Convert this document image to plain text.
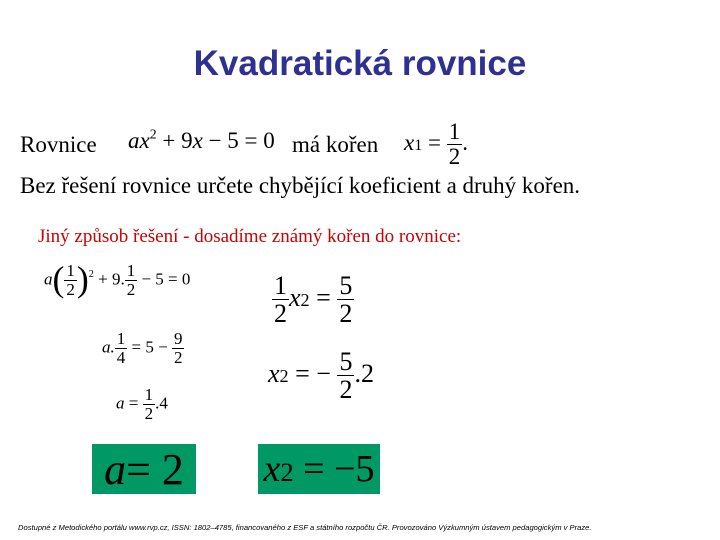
Kvadratická rovnice
Rovnice $ax^2 + 9x - 5 = 0$ má kořen $x1 = \frac{1}{2}$ .
Bez řešení rovnice určete chybějící koeficient a druhý kořen.
Jiný způsob řešení - dosadíme známý kořen do rovnice:
$a( \frac{1}{2} )^2 + 9$. $\frac{1}{2} - 5 = 0$
a. $\frac{1}{4} = 5 - \frac{9}{2}$
$a = \frac{1}{2} .4$
$\frac{1}{2} x2 = \frac{5}{2}$
x2 = − $\frac{5}{2} .2$
a = 2 x2 = −5
Dostupné z Metodického portálu www.rvp.cz, ISSN: 1802–4785, financovaného z ESF a státního rozpočtu ČR. Provozováno Výzkumným ústavem pedagogickým v Praze.
